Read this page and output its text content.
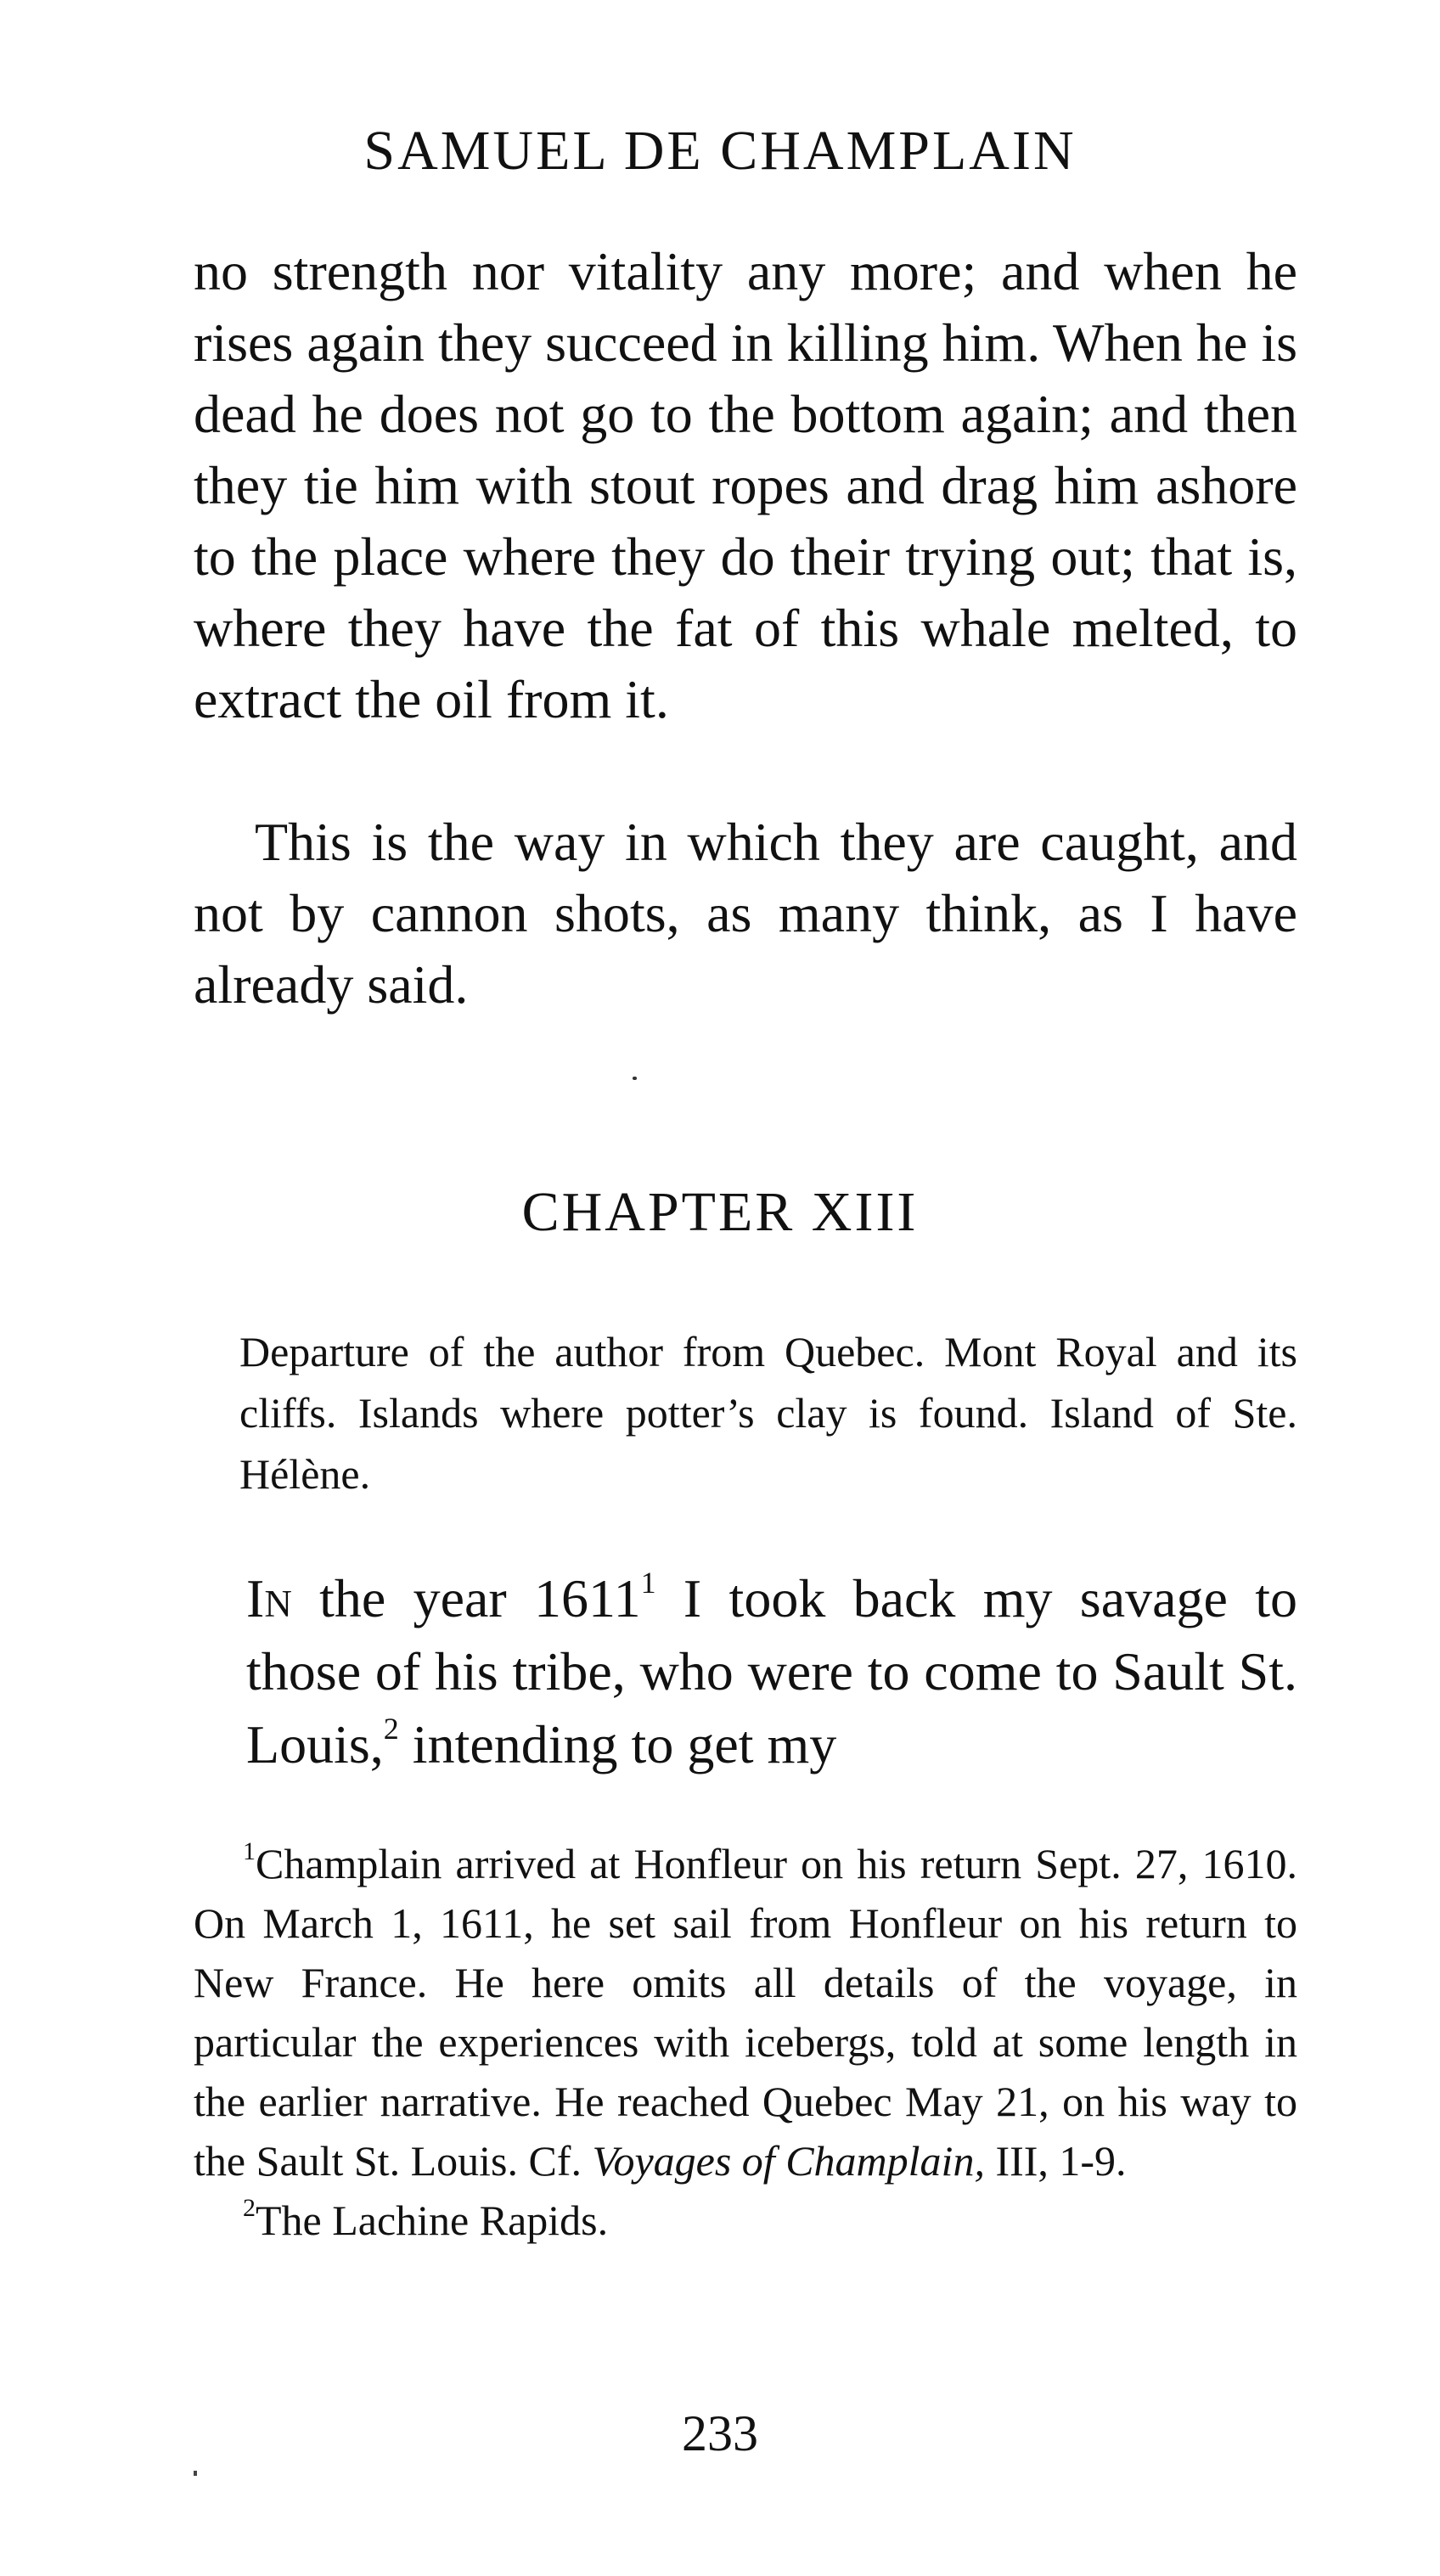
SAMUEL DE CHAMPLAIN

no strength nor vitality any more; and when he rises again they succeed in killing him. When he is dead he does not go to the bottom again; and then they tie him with stout ropes and drag him ashore to the place where they do their trying out; that is, where they have the fat of this whale melted, to extract the oil from it.

This is the way in which they are caught, and not by cannon shots, as many think, as I have already said.

CHAPTER XIII

Departure of the author from Quebec. Mont Royal and its cliffs. Islands where potter’s clay is found. Island of Ste. Hélène.

In the year 1611$^1$ I took back my savage to those of his tribe, who were to come to Sault St. Louis,$^2$ intending to get my

$^1$Champlain arrived at Honfleur on his return Sept. 27, 1610. On March 1, 1611, he set sail from Honfleur on his return to New France. He here omits all details of the voyage, in particular the experiences with icebergs, told at some length in the earlier narrative. He reached Quebec May 21, on his way to the Sault St. Louis. Cf. Voyages of Champlain, III, 1-9.

$^2$The Lachine Rapids.

233
